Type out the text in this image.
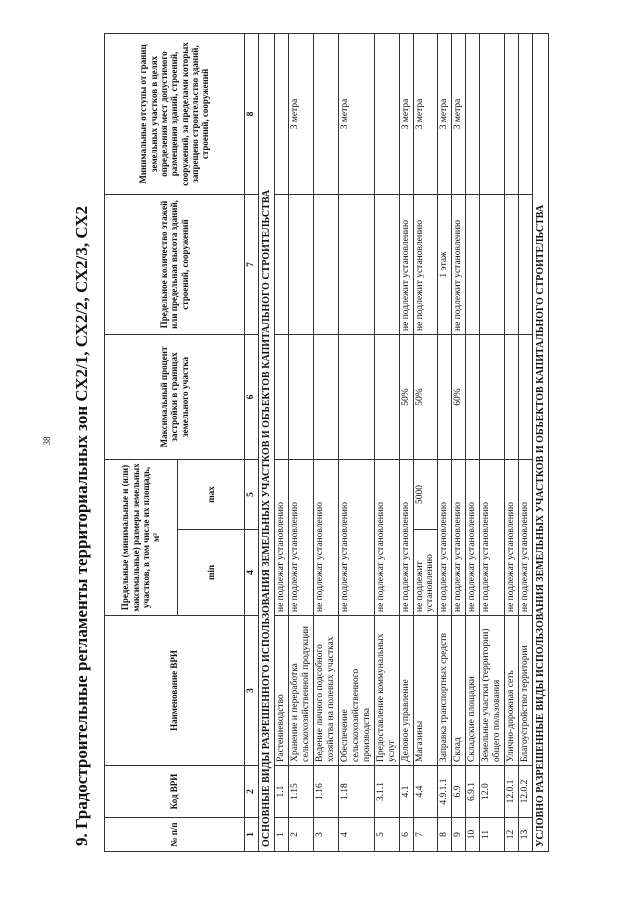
38	9. Градостроительные регламенты территориальных зон СХ2/1, СХ2/2, СХ2/3, СХ2	№ п/п	Код ВРИ	Наименование ВРИ	Предельные (минимальные и (или) максимальные) размеры земельных участков, в том числе их площадь, м²		Максимальный процент застройки в границах земельного участка	Предельное количество этажей или предельная высота зданий, строений, сооружений	Минимальные отступы от границ земельных участков в целях определения мест допустимого размещения зданий, строений, сооружений, за пределами которых запрещено строительство зданий, строений, сооружений
			min	max			
1	2	3	4	5	6	7	8
ОСНОВНЫЕ ВИДЫ РАЗРЕШЕННОГО ИСПОЛЬЗОВАНИЯ ЗЕМЕЛЬНЫХ УЧАСТКОВ И ОБЪЕКТОВ КАПИТАЛЬНОГО СТРОИТЕЛЬСТВА							
1	1.1	Растениеводство	не подлежат установлению				
2	1.15	Хранение и переработка сельскохозяйственной продукции	не подлежат установлению				3 метра
3	1.16	Ведение личного подсобного хозяйства на полевых участках	не подлежат установлению				
4	1.18	Обеспечение сельскохозяйственного производства	не подлежат установлению				3 метра
5	3.1.1	Предоставление коммунальных услуг	не подлежат установлению				
6	4.1	Деловое управление	не подлежат установлению		50%	не подлежит установлению	3 метра
7	4.4	Магазины	не подлежит установлению	5000	50%	не подлежит установлению	3 метра
8	4.9.1.1	Заправка транспортных средств	не подлежат установлению			1 этаж	3 метра
9	6.9	Склад	не подлежат установлению		60%	не подлежит установлению	3 метра
10	6.9.1	Складские площадки	не подлежат установлению				
11	12.0	Земельные участки (территории) общего пользования	не подлежат установлению				
12	12.0.1	Улично-дорожная сеть	не подлежат установлению				
13	12.0.2	Благоустройство территории	не подлежат установлению				
УСЛОВНО РАЗРЕШЕННЫЕ ВИДЫ ИСПОЛЬЗОВАНИЯ ЗЕМЕЛЬНЫХ УЧАСТКОВ И ОБЪЕКТОВ КАПИТАЛЬНОГО СТРОИТЕЛЬСТВА							
